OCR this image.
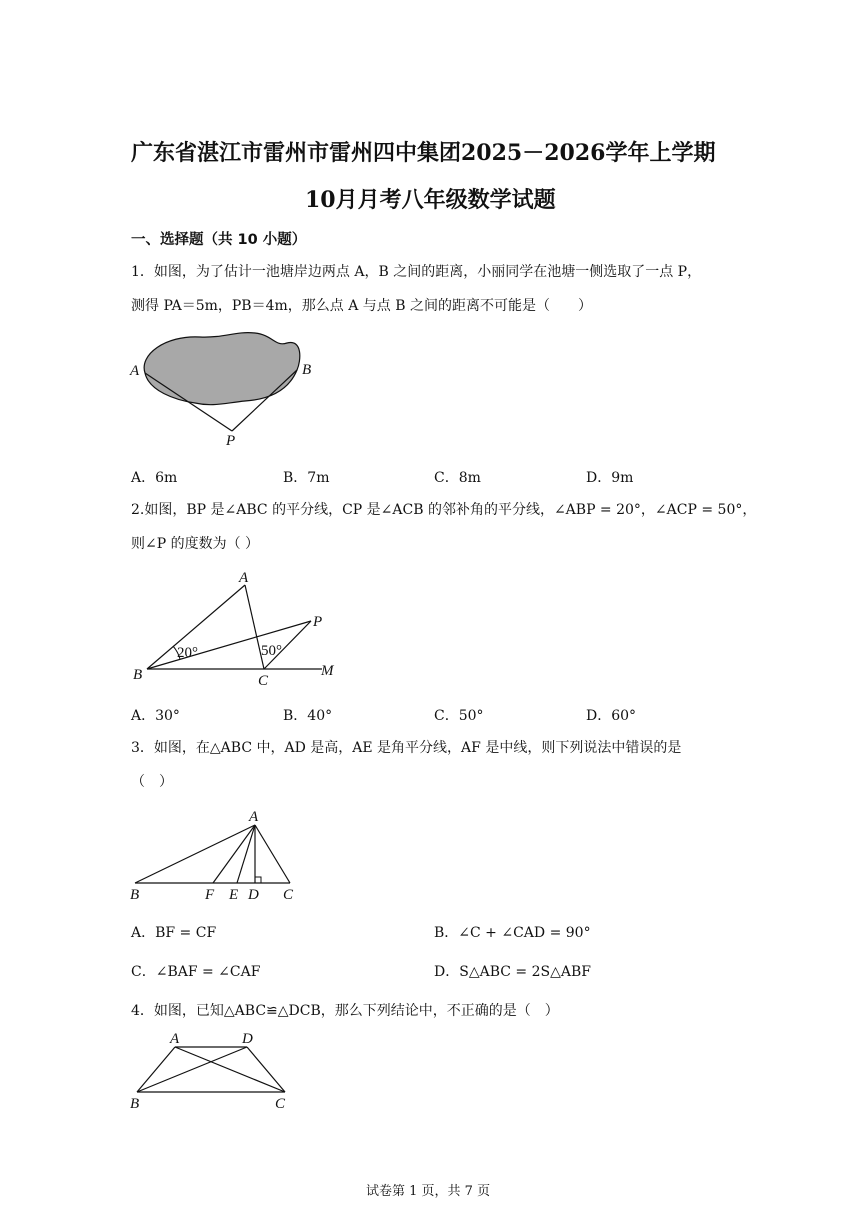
广东省湛江市雷州市雷州四中集团2025－2026学年上学期
10月月考八年级数学试题
一、选择题（共 10 小题）
1．如图，为了估计一池塘岸边两点 A，B 之间的距离，小丽同学在池塘一侧选取了一点 P，
测得 PA＝5m，PB＝4m，那么点 A 与点 B 之间的距离不可能是（　　）
A	B
P
A．6m	B．7m	C．8m	D．9m
2.如图，BP 是∠ABC 的平分线，CP 是∠ACB 的邻补角的平分线，∠ABP = 20°，∠ACP = 50°，
则∠P 的度数为（ ）
A
B	C
M
P
20°	50°
A．30°	B．40°	C．50°	D．60°
3．如图，在△ABC 中，AD 是高，AE 是角平分线，AF 是中线，则下列说法中错误的是
（　）
A
B	F E D C
A．BF = CF	B．∠C + ∠CAD = 90°
C．∠BAF = ∠CAF	D．S△ABC = 2S△ABF
4．如图，已知△ABC≌△DCB，那么下列结论中，不正确的是（　）
A	D
B	C
试卷第 1 页，共 7 页
